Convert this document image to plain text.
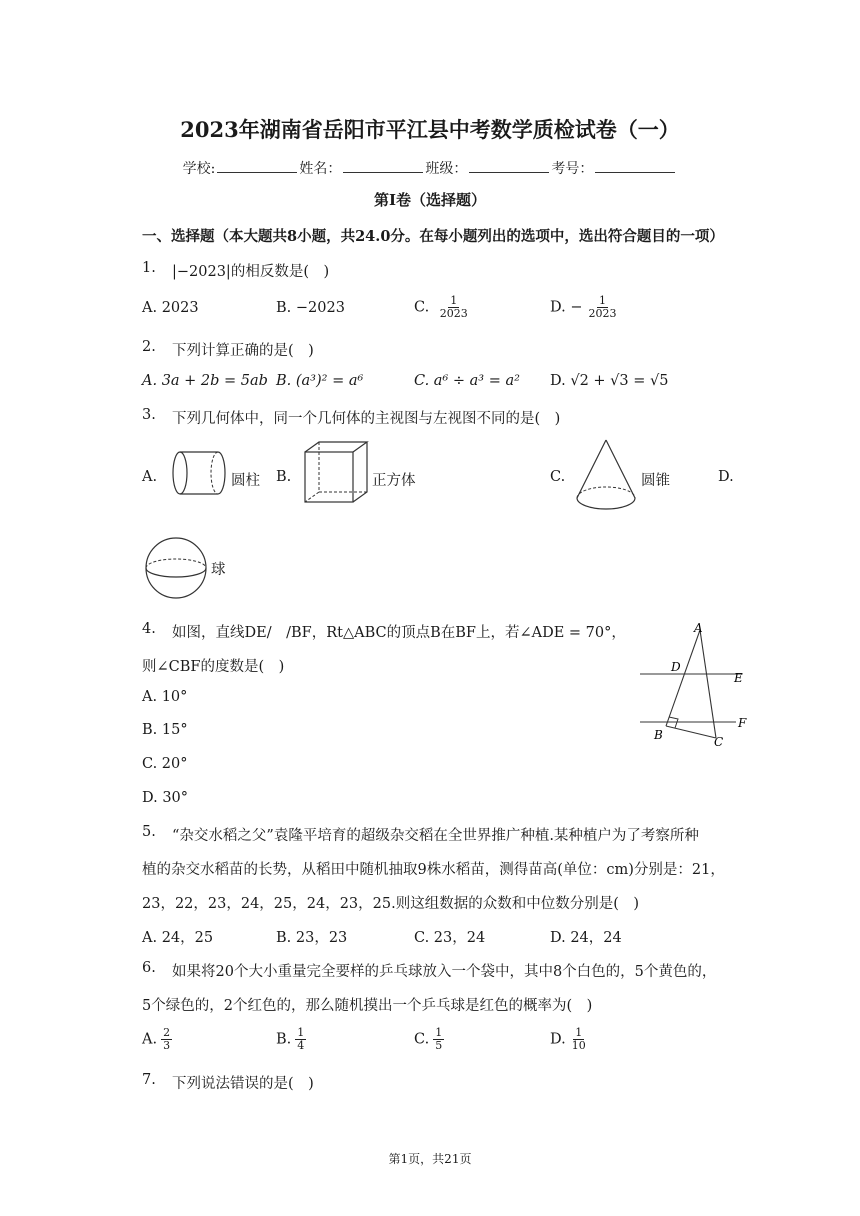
2023年湖南省岳阳市平江县中考数学质检试卷（一）
学校:	姓名：	班级：	考号：
第I卷（选择题）
一、选择题（本大题共8小题，共24.0分。在每小题列出的选项中，选出符合题目的一项）
1. |−2023|的相反数是(　)
A. 2023	B. −2023	C. $\frac{1}{2023}$	D. − $\frac{1}{2023}$
2. 下列计算正确的是(　)
A. 3a + 2b = 5ab B. (a³)² = a⁶	C. a⁶ ÷ a³ = a² D. √2 + √3 = √5
3. 下列几何体中，同一个几何体的主视图与左视图不同的是(　)
A.	圆柱 B.	正方体	C.	圆锥	D.
球
4. 如图，直线DE/　/BF，Rt△ABC的顶点B在BF上，若∠ADE = 70°，
则∠CBF的度数是(　)
A. 10°
B. 15°
C. 20°
D. 30°
A
D
E
B	C
F
5. “杂交水稻之父”袁隆平培育的超级杂交稻在全世界推广种植.某种植户为了考察所种
植的杂交水稻苗的长势，从稻田中随机抽取9株水稻苗，测得苗高(单位：cm)分别是：21，
23，22，23，24，25，24，23，25.则这组数据的众数和中位数分别是(　)
A. 24，25	B. 23，23	C. 23，24	D. 24，24
6. 如果将20个大小重量完全要样的乒乓球放入一个袋中，其中8个白色的，5个黄色的，
5个绿色的，2个红色的，那么随机摸出一个乒乓球是红色的概率为(　)
A. $\frac{2}{3}$	B. $\frac{1}{4}$	C. $\frac{1}{5}$	D. $\frac{1}{10}$
7. 下列说法错误的是(　)
第1页，共21页
